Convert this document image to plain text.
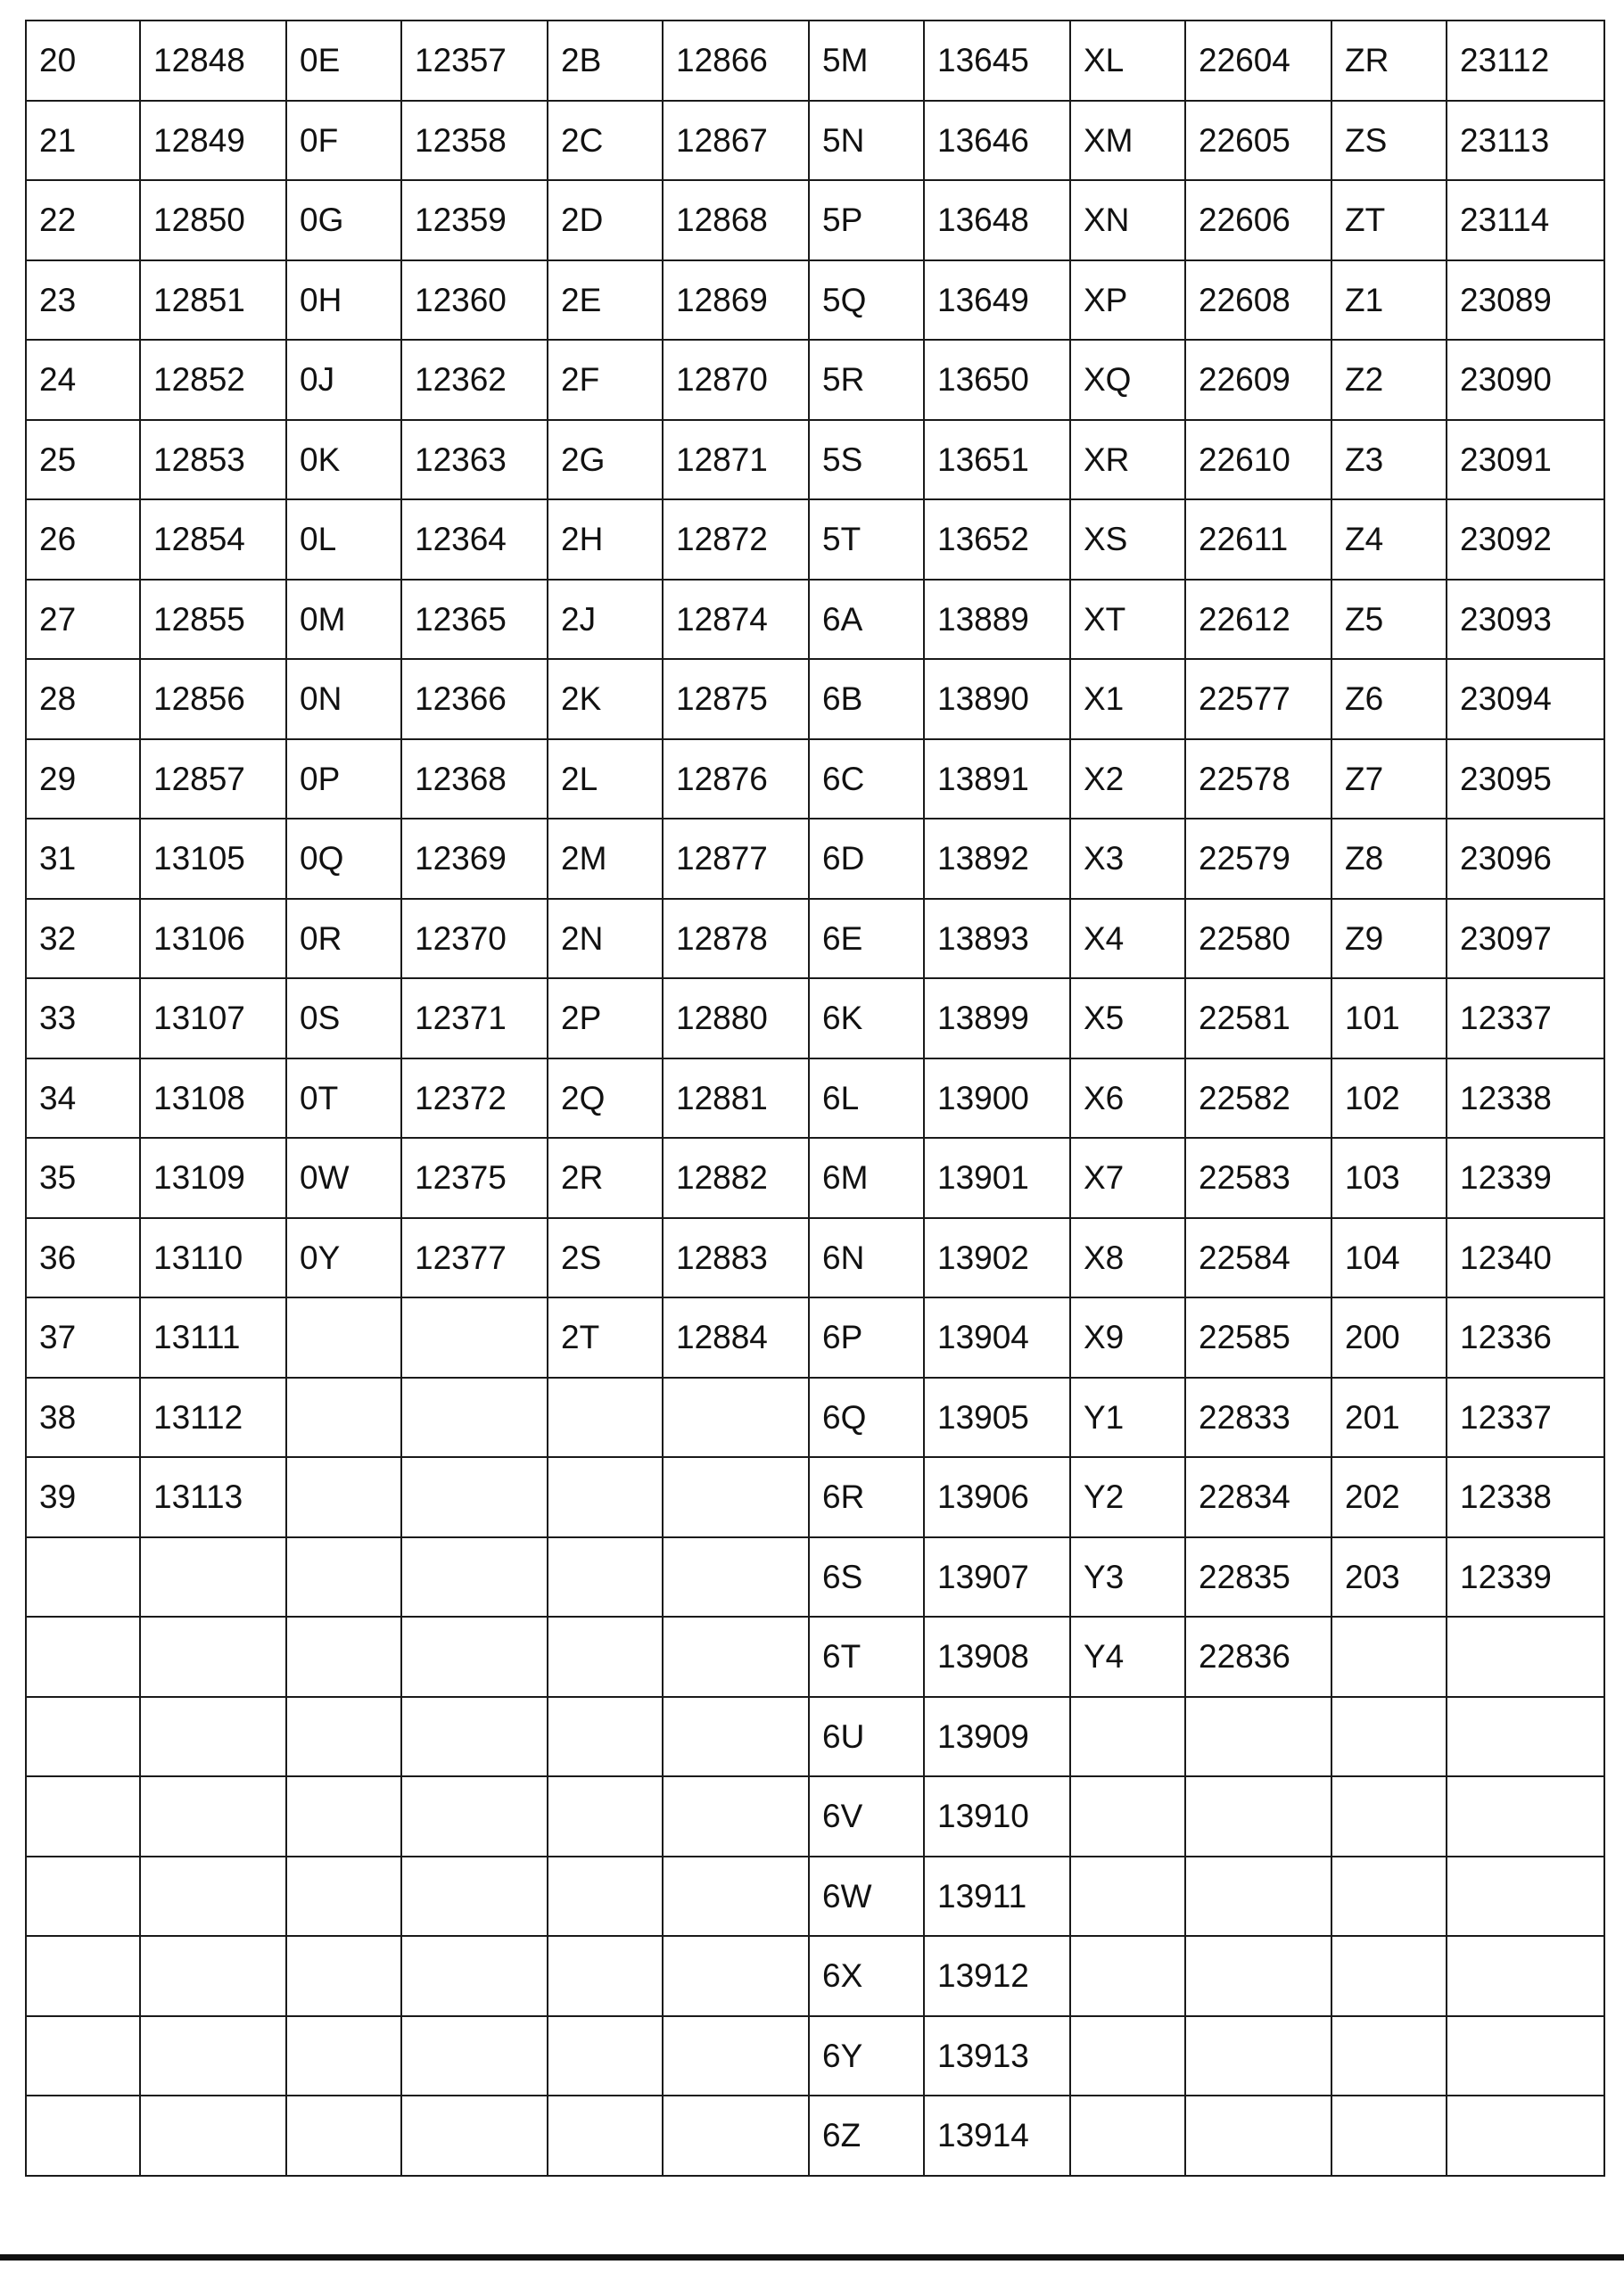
20	12848	0E	12357	2B	12866	5M	13645	XL	22604	ZR	23112
21	12849	0F	12358	2C	12867	5N	13646	XM	22605	ZS	23113
22	12850	0G	12359	2D	12868	5P	13648	XN	22606	ZT	23114
23	12851	0H	12360	2E	12869	5Q	13649	XP	22608	Z1	23089
24	12852	0J	12362	2F	12870	5R	13650	XQ	22609	Z2	23090
25	12853	0K	12363	2G	12871	5S	13651	XR	22610	Z3	23091
26	12854	0L	12364	2H	12872	5T	13652	XS	22611	Z4	23092
27	12855	0M	12365	2J	12874	6A	13889	XT	22612	Z5	23093
28	12856	0N	12366	2K	12875	6B	13890	X1	22577	Z6	23094
29	12857	0P	12368	2L	12876	6C	13891	X2	22578	Z7	23095
31	13105	0Q	12369	2M	12877	6D	13892	X3	22579	Z8	23096
32	13106	0R	12370	2N	12878	6E	13893	X4	22580	Z9	23097
33	13107	0S	12371	2P	12880	6K	13899	X5	22581	101	12337
34	13108	0T	12372	2Q	12881	6L	13900	X6	22582	102	12338
35	13109	0W	12375	2R	12882	6M	13901	X7	22583	103	12339
36	13110	0Y	12377	2S	12883	6N	13902	X8	22584	104	12340
37	13111			2T	12884	6P	13904	X9	22585	200	12336
38	13112					6Q	13905	Y1	22833	201	12337
39	13113					6R	13906	Y2	22834	202	12338
						6S	13907	Y3	22835	203	12339
						6T	13908	Y4	22836		
						6U	13909				
						6V	13910				
						6W	13911				
						6X	13912				
						6Y	13913				
						6Z	13914				
